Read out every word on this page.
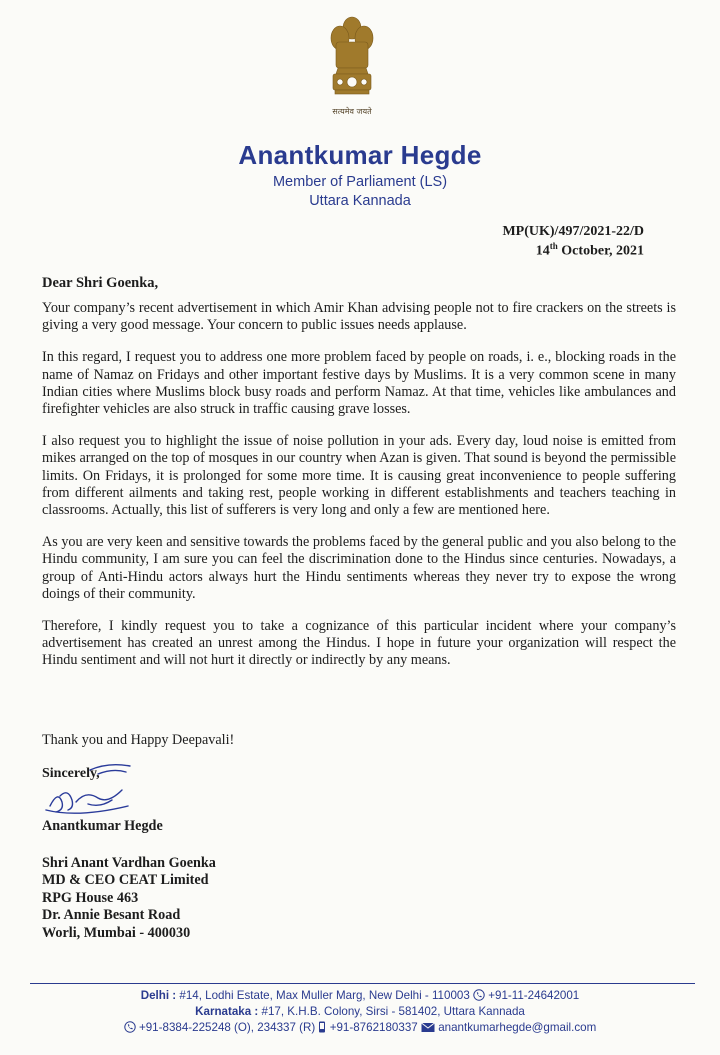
सत्यमेव जयते
Anantkumar Hegde
Member of Parliament (LS)
Uttara Kannada
MP(UK)/497/2021-22/D
14th October, 2021
Dear Shri Goenka,

Your company’s recent advertisement in which Amir Khan advising people not to fire crackers on the streets is giving a very good message. Your concern to public issues needs applause.

In this regard, I request you to address one more problem faced by people on roads, i. e., blocking roads in the name of Namaz on Fridays and other important festive days by Muslims. It is a very common scene in many Indian cities where Muslims block busy roads and perform Namaz. At that time, vehicles like ambulances and firefighter vehicles are also struck in traffic causing grave losses.

I also request you to highlight the issue of noise pollution in your ads. Every day, loud noise is emitted from mikes arranged on the top of mosques in our country when Azan is given. That sound is beyond the permissible limits. On Fridays, it is prolonged for some more time. It is causing great inconvenience to people suffering from different ailments and taking rest, people working in different establishments and teachers teaching in classrooms. Actually, this list of sufferers is very long and only a few are mentioned here.

As you are very keen and sensitive towards the problems faced by the general public and you also belong to the Hindu community, I am sure you can feel the discrimination done to the Hindus since centuries. Nowadays, a group of Anti-Hindu actors always hurt the Hindu sentiments whereas they never try to expose the wrong doings of their community.

Therefore, I kindly request you to take a cognizance of this particular incident where your company’s advertisement has created an unrest among the Hindus. I hope in future your organization will respect the Hindu sentiment and will not hurt it directly or indirectly by any means.

Thank you and Happy Deepavali!
Sincerely,
Anantkumar Hegde
Shri Anant Vardhan Goenka
MD & CEO CEAT Limited
RPG House 463
Dr. Annie Besant Road
Worli, Mumbai - 400030
Delhi : #14, Lodhi Estate, Max Muller Marg, New Delhi - 110003  +91-11-24642001
Karnataka : #17, K.H.B. Colony, Sirsi - 581402, Uttara Kannada
+91-8384-225248 (O), 234337 (R)  +91-8762180337 anantkumarhegde@gmail.com
